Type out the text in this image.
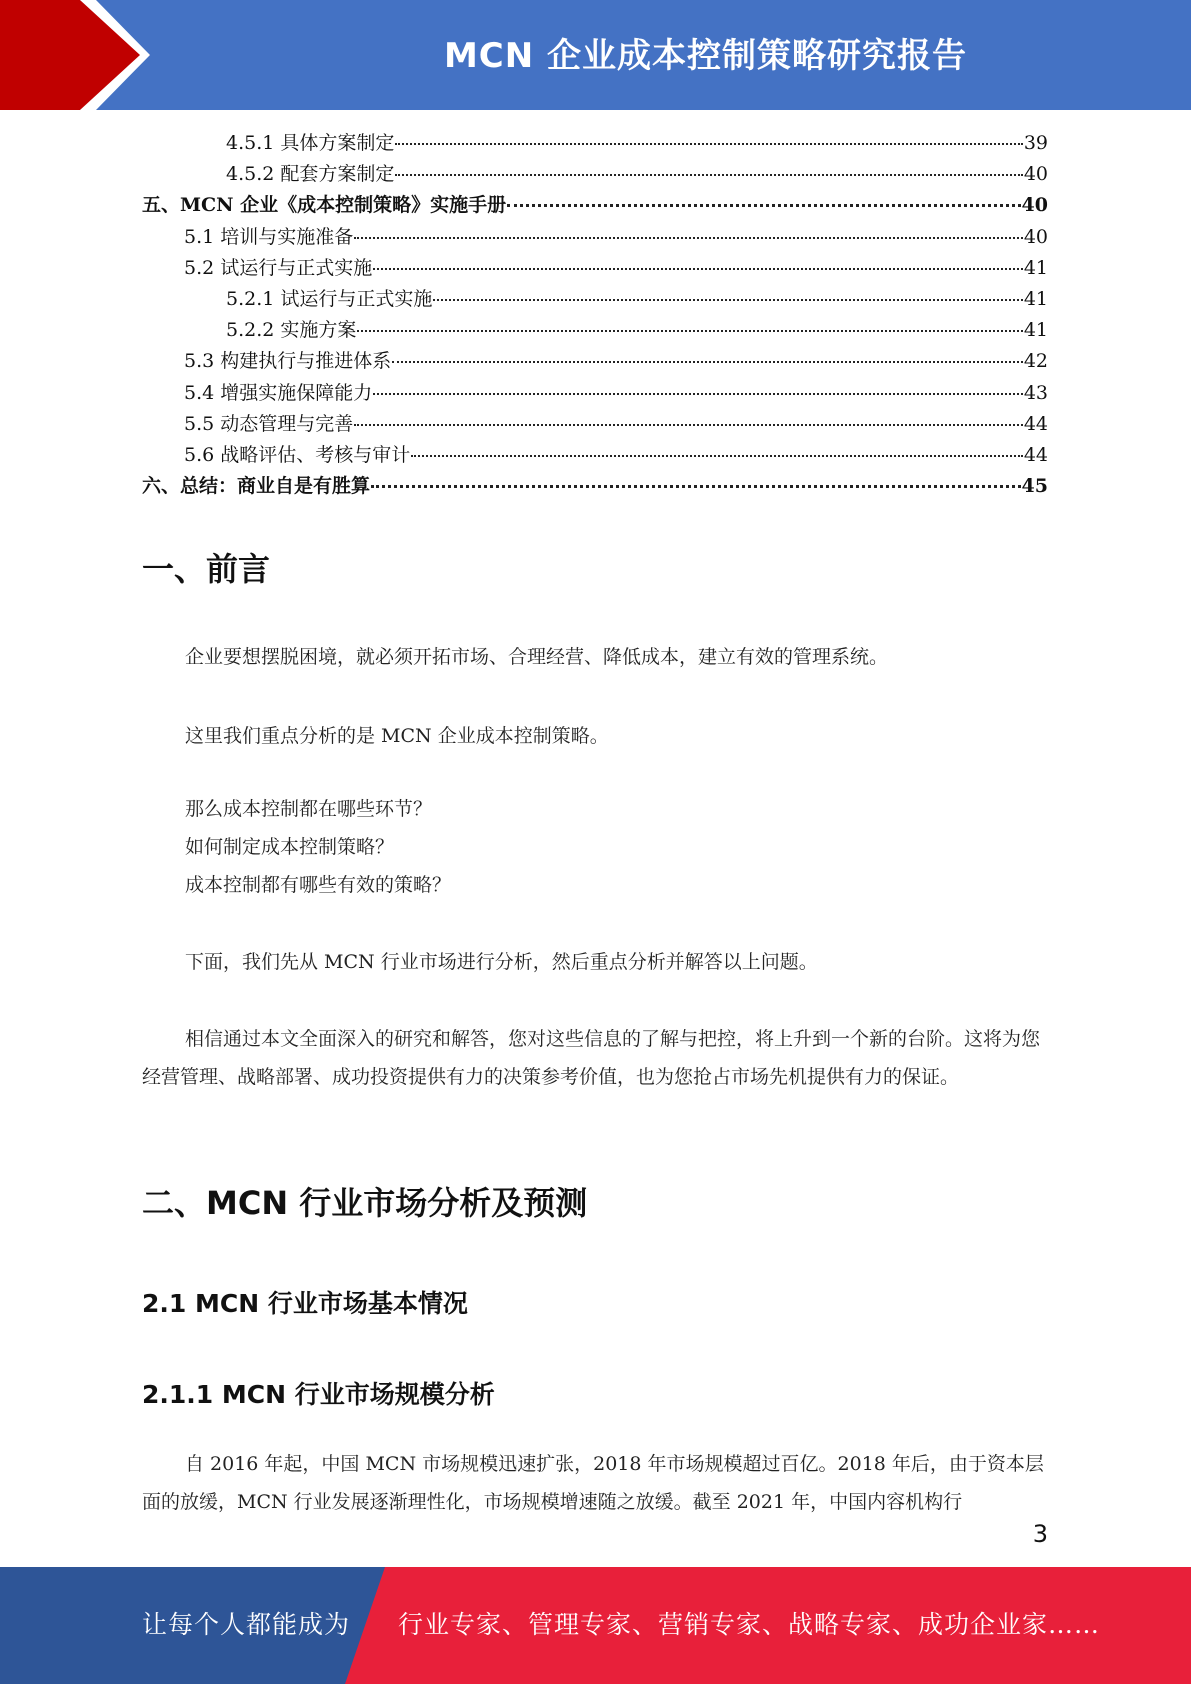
MCN 企业成本控制策略研究报告
4.5.1 具体方案制定	39
4.5.2 配套方案制定	40
五、MCN 企业《成本控制策略》实施手册	40
5.1 培训与实施准备	40
5.2 试运行与正式实施	41
5.2.1 试运行与正式实施	41
5.2.2 实施方案	41
5.3 构建执行与推进体系	42
5.4 增强实施保障能力	43
5.5 动态管理与完善	44
5.6 战略评估、考核与审计	44
六、总结：商业自是有胜算	45
一、前言
企业要想摆脱困境，就必须开拓市场、合理经营、降低成本，建立有效的管理系统。
这里我们重点分析的是 MCN 企业成本控制策略。
那么成本控制都在哪些环节？
如何制定成本控制策略？
成本控制都有哪些有效的策略？
下面，我们先从 MCN 行业市场进行分析，然后重点分析并解答以上问题。
相信通过本文全面深入的研究和解答，您对这些信息的了解与把控，将上升到一个新的台阶。这将为您经营管理、战略部署、成功投资提供有力的决策参考价值，也为您抢占市场先机提供有力的保证。
二、MCN 行业市场分析及预测
2.1 MCN 行业市场基本情况
2.1.1 MCN 行业市场规模分析
自 2016 年起，中国 MCN 市场规模迅速扩张，2018 年市场规模超过百亿。2018 年后，由于资本层面的放缓，MCN 行业发展逐渐理性化，市场规模增速随之放缓。截至 2021 年，中国内容机构行
3
让每个人都能成为 行业专家、管理专家、营销专家、战略专家、成功企业家……
